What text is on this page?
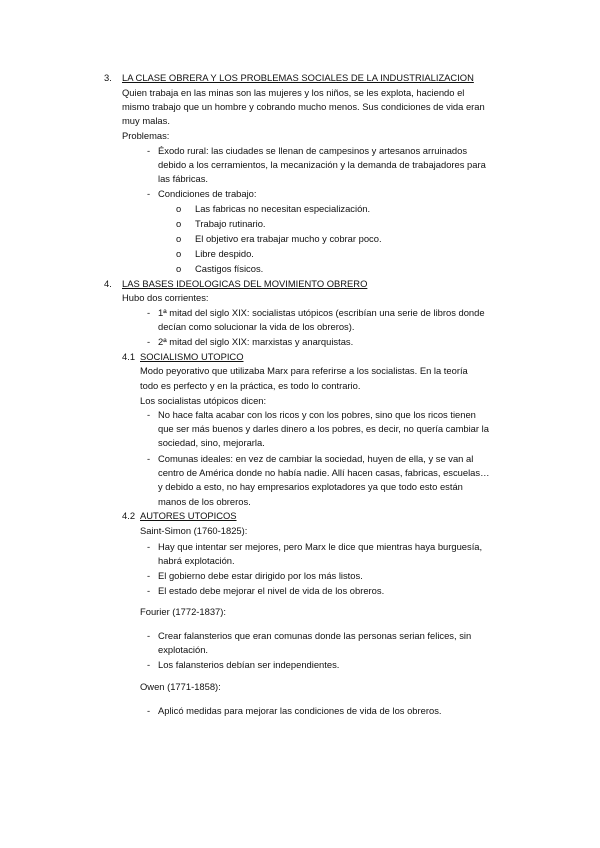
3. LA CLASE OBRERA Y LOS PROBLEMAS SOCIALES DE LA INDUSTRIALIZACION
Quien trabaja en las minas son las mujeres y los niños, se les explota, haciendo el
mismo trabajo que un hombre y cobrando mucho menos. Sus condiciones de vida eran
muy malas.
Problemas:
- Éxodo rural: las ciudades se llenan de campesinos y artesanos arruinados
debido a los cerramientos, la mecanización y la demanda de trabajadores para
las fábricas.
- Condiciones de trabajo:
o Las fabricas no necesitan especialización.
o Trabajo rutinario.
o El objetivo era trabajar mucho y cobrar poco.
o Libre despido.
o Castigos físicos.
4. LAS BASES IDEOLOGICAS DEL MOVIMIENTO OBRERO
Hubo dos corrientes:
- 1ª mitad del siglo XIX: socialistas utópicos (escribían una serie de libros donde
decían como solucionar la vida de los obreros).
- 2ª mitad del siglo XIX: marxistas y anarquistas.
4.1 SOCIALISMO UTOPICO
Modo peyorativo que utilizaba Marx para referirse a los socialistas. En la teoría
todo es perfecto y en la práctica, es todo lo contrario.
Los socialistas utópicos dicen:
- No hace falta acabar con los ricos y con los pobres, sino que los ricos tienen
que ser más buenos y darles dinero a los pobres, es decir, no quería cambiar la
sociedad, sino, mejorarla.
- Comunas ideales: en vez de cambiar la sociedad, huyen de ella, y se van al
centro de América donde no había nadie. Allí hacen casas, fabricas, escuelas…
y debido a esto, no hay empresarios explotadores ya que todo esto están
manos de los obreros.
4.2 AUTORES UTOPICOS
Saint-Simon (1760-1825):
- Hay que intentar ser mejores, pero Marx le dice que mientras haya burguesía,
habrá explotación.
- El gobierno debe estar dirigido por los más listos.
- El estado debe mejorar el nivel de vida de los obreros.
Fourier (1772-1837):
- Crear falansterios que eran comunas donde las personas serian felices, sin
explotación.
- Los falansterios debían ser independientes.
Owen (1771-1858):
- Aplicó medidas para mejorar las condiciones de vida de los obreros.
